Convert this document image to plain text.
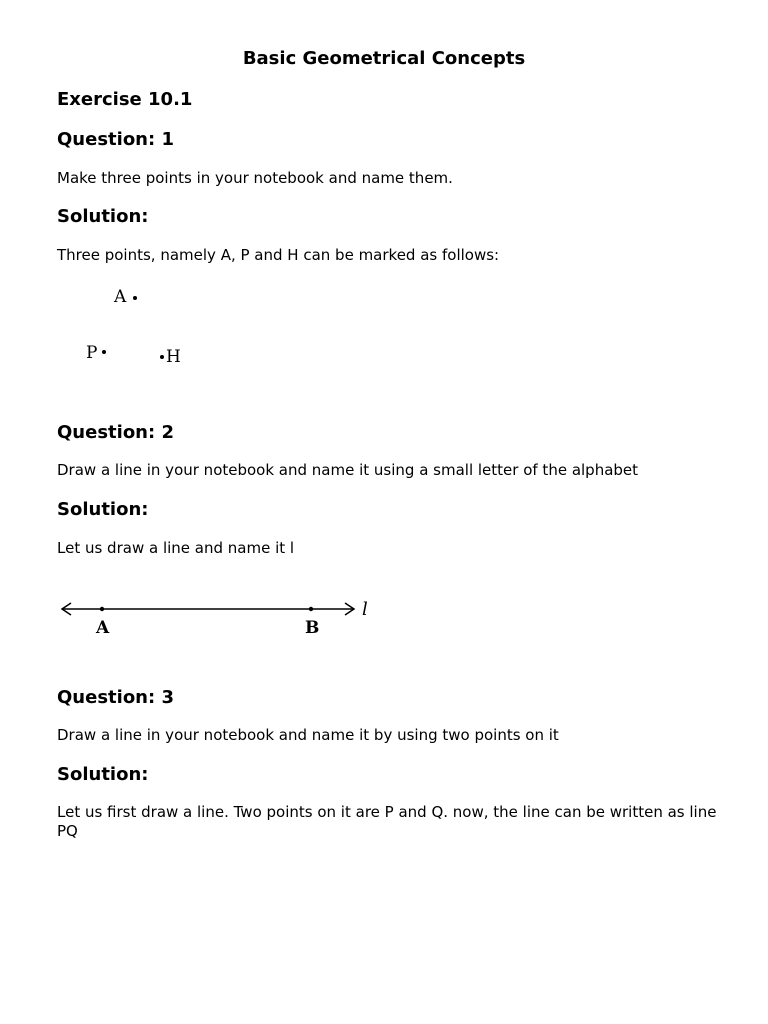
Basic Geometrical Concepts
Exercise 10.1
Question: 1
Make three points in your notebook and name them.
Solution:
Three points, namely A, P and H can be marked as follows:
A
P	H
Question: 2
Draw a line in your notebook and name it using a small letter of the alphabet
Solution:
Let us draw a line and name it l
A	B
l
Question: 3
Draw a line in your notebook and name it by using two points on it
Solution:
Let us first draw a line. Two points on it are P and Q. now, the line can be written as line PQ
